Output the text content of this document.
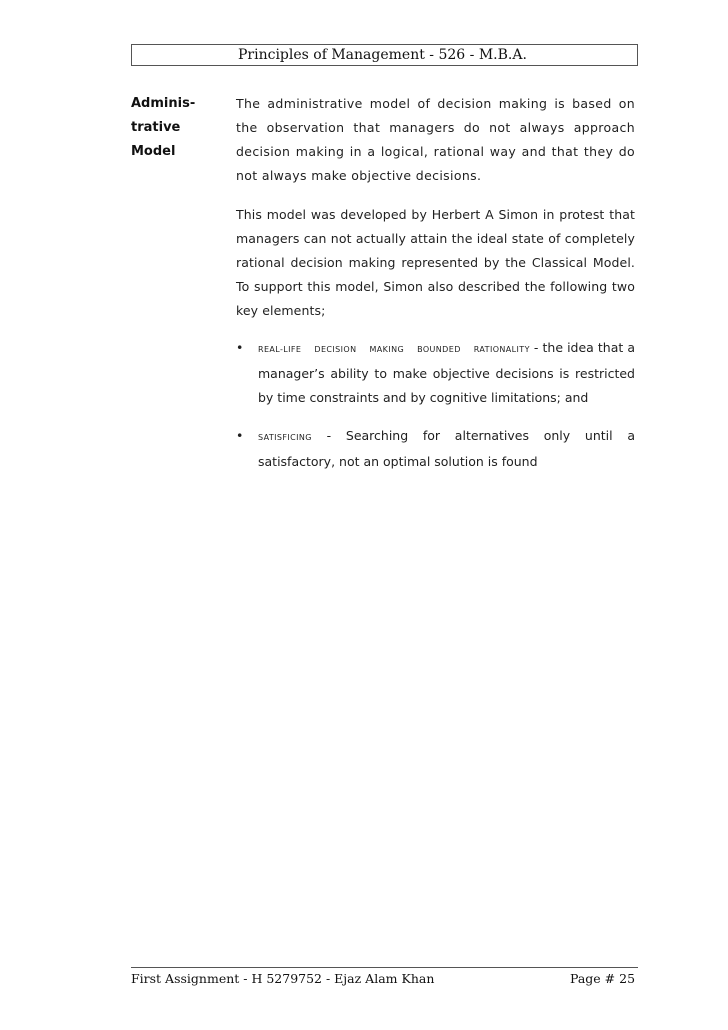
Principles of Management - 526 - M.B.A.
Adminis-
trative
Model
The administrative model of decision making is based on the observation that managers do not always approach decision making in a logical, rational way and that they do not always make objective decisions.
This model was developed by Herbert A Simon in protest that managers can not actually attain the ideal state of completely rational decision making represented by the Classical Model. To support this model, Simon also described the following two key elements;
• REAL-LIFE DECISION MAKING BOUNDED RATIONALITY - the idea that a manager’s ability to make objective decisions is restricted by time constraints and by cognitive limitations; and
• SATISFICING - Searching for alternatives only until a satisfactory, not an optimal solution is found
First Assignment - H 5279752 - Ejaz Alam Khan	Page # 25
